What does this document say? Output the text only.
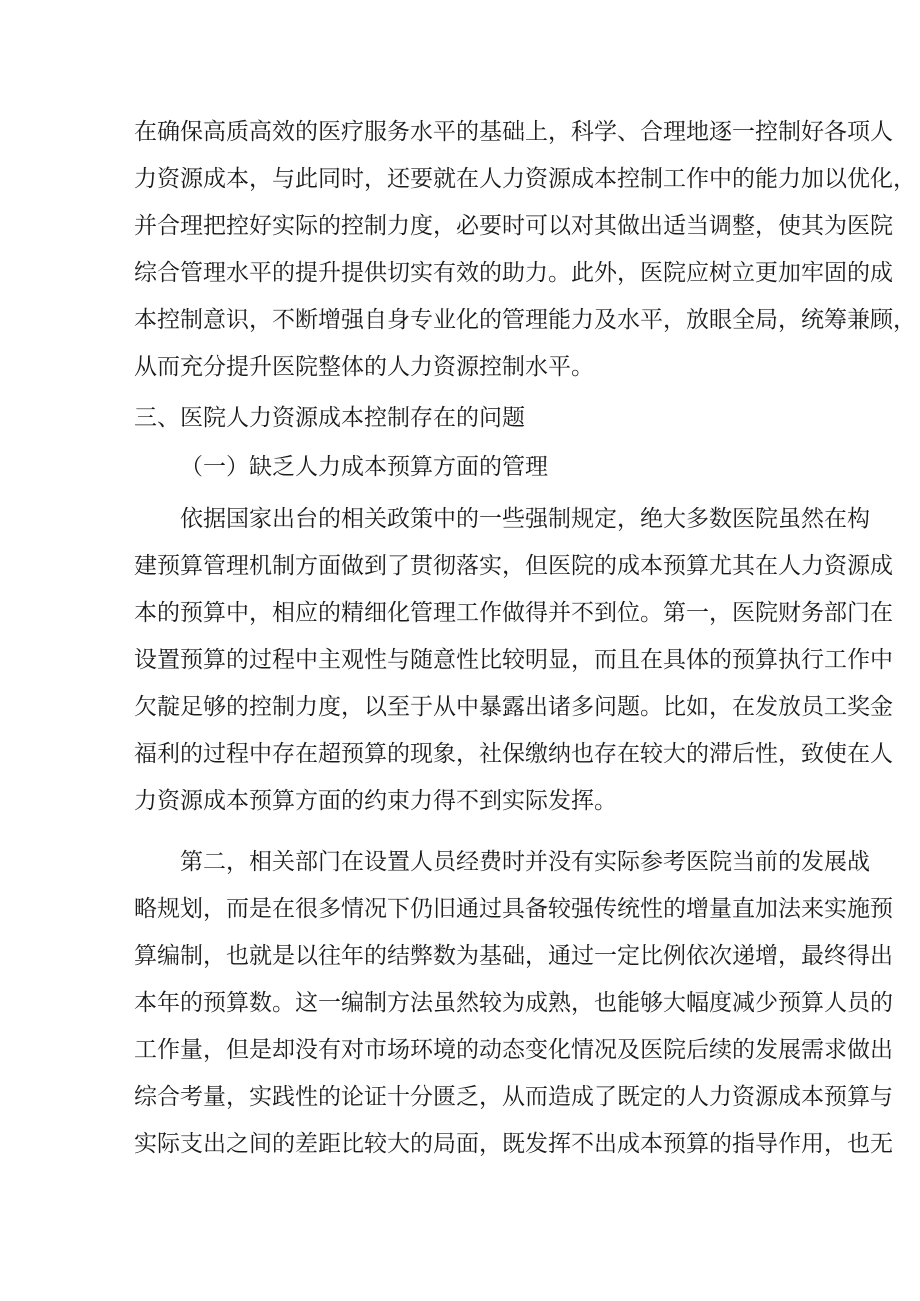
在确保高质高效的医疗服务水平的基础上，科学、合理地逐一控制好各项人
力资源成本，与此同时，还要就在人力资源成本控制工作中的能力加以优化，
并合理把控好实际的控制力度，必要时可以对其做出适当调整，使其为医院
综合管理水平的提升提供切实有效的助力。此外，医院应树立更加牢固的成
本控制意识，不断增强自身专业化的管理能力及水平，放眼全局，统筹兼顾，
从而充分提升医院整体的人力资源控制水平。
三、医院人力资源成本控制存在的问题
（一）缺乏人力成本预算方面的管理
依据国家出台的相关政策中的一些强制规定，绝大多数医院虽然在构
建预算管理机制方面做到了贯彻落实，但医院的成本预算尤其在人力资源成
本的预算中，相应的精细化管理工作做得并不到位。第一，医院财务部门在
设置预算的过程中主观性与随意性比较明显，而且在具体的预算执行工作中
欠靛足够的控制力度，以至于从中暴露出诸多问题。比如，在发放员工奖金
福利的过程中存在超预算的现象，社保缴纳也存在较大的滞后性，致使在人
力资源成本预算方面的约束力得不到实际发挥。
第二，相关部门在设置人员经费时并没有实际参考医院当前的发展战
略规划，而是在很多情况下仍旧通过具备较强传统性的增量直加法来实施预
算编制，也就是以往年的结弊数为基础，通过一定比例依次递增，最终得出
本年的预算数。这一编制方法虽然较为成熟，也能够大幅度减少预算人员的
工作量，但是却没有对市场环境的动态变化情况及医院后续的发展需求做出
综合考量，实践性的论证十分匮乏，从而造成了既定的人力资源成本预算与
实际支出之间的差距比较大的局面，既发挥不出成本预算的指导作用，也无
